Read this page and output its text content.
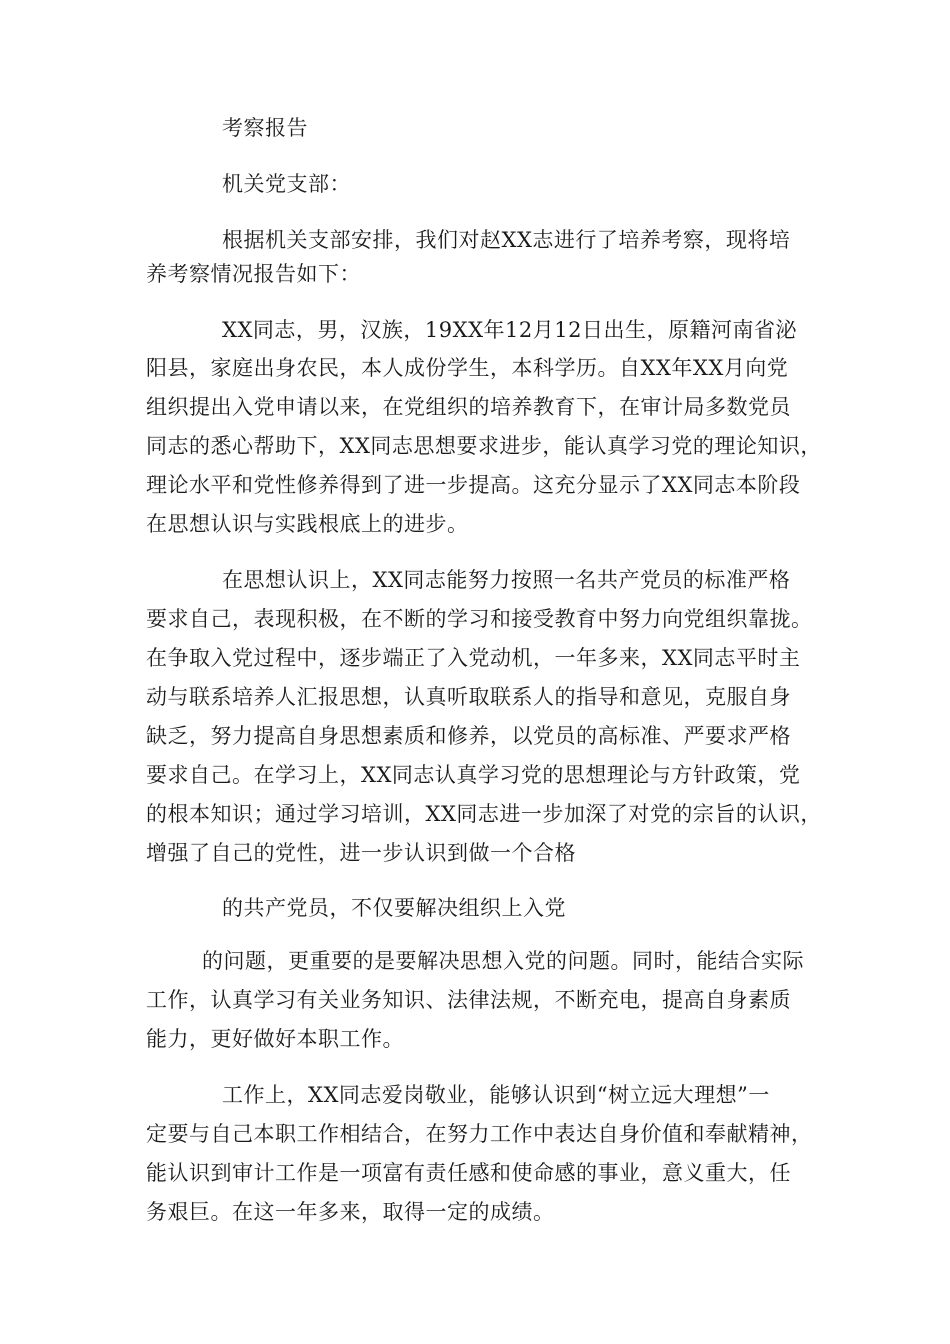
考察报告
机关党支部：
根据机关支部安排，我们对赵XX志进行了培养考察，现将培
养考察情况报告如下：
XX同志，男，汉族，19XX年12月12日出生，原籍河南省泌
阳县，家庭出身农民，本人成份学生，本科学历。自XX年XX月向党
组织提出入党申请以来，在党组织的培养教育下，在审计局多数党员
同志的悉心帮助下，XX同志思想要求进步，能认真学习党的理论知识，
理论水平和党性修养得到了进一步提高。这充分显示了XX同志本阶段
在思想认识与实践根底上的进步。
在思想认识上，XX同志能努力按照一名共产党员的标准严格
要求自己，表现积极，在不断的学习和接受教育中努力向党组织靠拢。
在争取入党过程中，逐步端正了入党动机，一年多来，XX同志平时主
动与联系培养人汇报思想，认真听取联系人的指导和意见，克服自身
缺乏，努力提高自身思想素质和修养，以党员的高标准、严要求严格
要求自己。在学习上，XX同志认真学习党的思想理论与方针政策，党
的根本知识；通过学习培训，XX同志进一步加深了对党的宗旨的认识，
增强了自己的党性，进一步认识到做一个合格
的共产党员，不仅要解决组织上入党
的问题，更重要的是要解决思想入党的问题。同时，能结合实际
工作，认真学习有关业务知识、法律法规，不断充电，提高自身素质
能力，更好做好本职工作。
工作上，XX同志爱岗敬业，能够认识到“树立远大理想”一
定要与自己本职工作相结合，在努力工作中表达自身价值和奉献精神，
能认识到审计工作是一项富有责任感和使命感的事业，意义重大，任
务艰巨。在这一年多来，取得一定的成绩。
